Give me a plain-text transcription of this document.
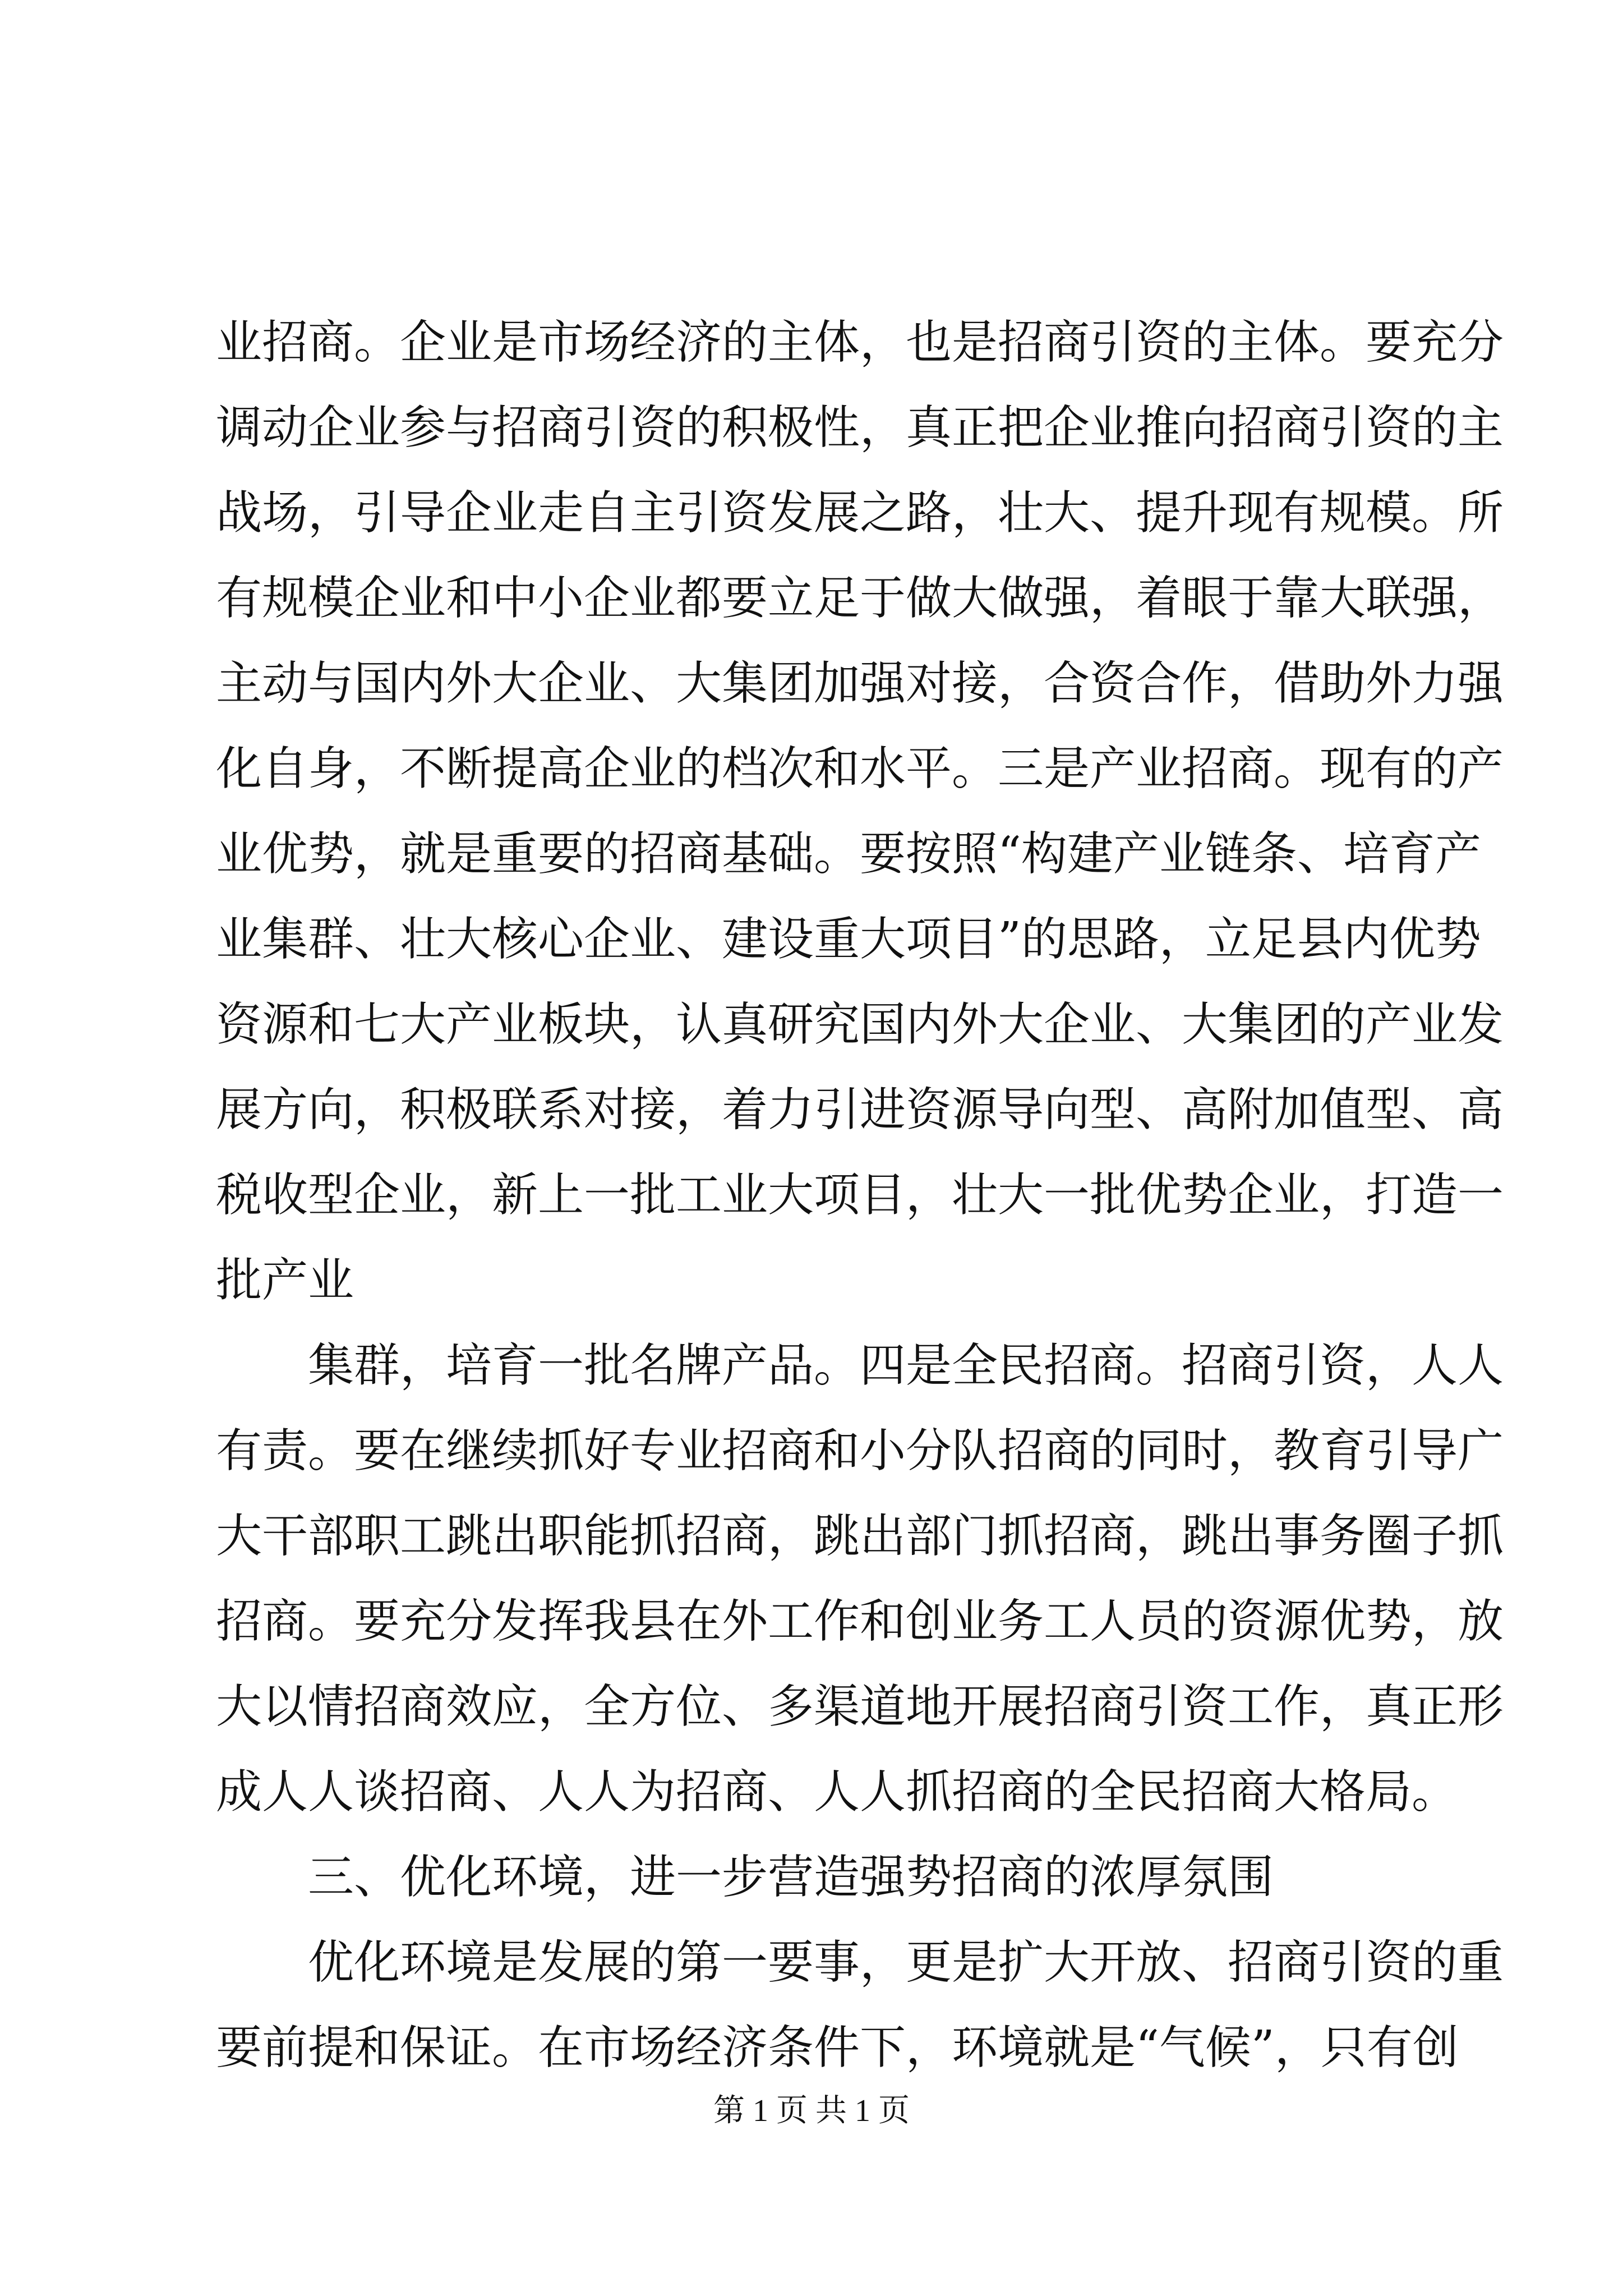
业招商。企业是市场经济的主体，也是招商引资的主体。要充分
调动企业参与招商引资的积极性，真正把企业推向招商引资的主
战场，引导企业走自主引资发展之路，壮大、提升现有规模。所
有规模企业和中小企业都要立足于做大做强，着眼于靠大联强，
主动与国内外大企业、大集团加强对接，合资合作，借助外力强
化自身，不断提高企业的档次和水平。三是产业招商。现有的产
业优势，就是重要的招商基础。要按照“构建产业链条、培育产
业集群、壮大核心企业、建设重大项目”的思路，立足县内优势
资源和七大产业板块，认真研究国内外大企业、大集团的产业发
展方向，积极联系对接，着力引进资源导向型、高附加值型、高
税收型企业，新上一批工业大项目，壮大一批优势企业，打造一
批产业
集群，培育一批名牌产品。四是全民招商。招商引资，人人
有责。要在继续抓好专业招商和小分队招商的同时，教育引导广
大干部职工跳出职能抓招商，跳出部门抓招商，跳出事务圈子抓
招商。要充分发挥我县在外工作和创业务工人员的资源优势，放
大以情招商效应，全方位、多渠道地开展招商引资工作，真正形
成人人谈招商、人人为招商、人人抓招商的全民招商大格局。
三、优化环境，进一步营造强势招商的浓厚氛围
优化环境是发展的第一要事，更是扩大开放、招商引资的重
要前提和保证。在市场经济条件下，环境就是“气候”，只有创
第 1 页 共 1 页
